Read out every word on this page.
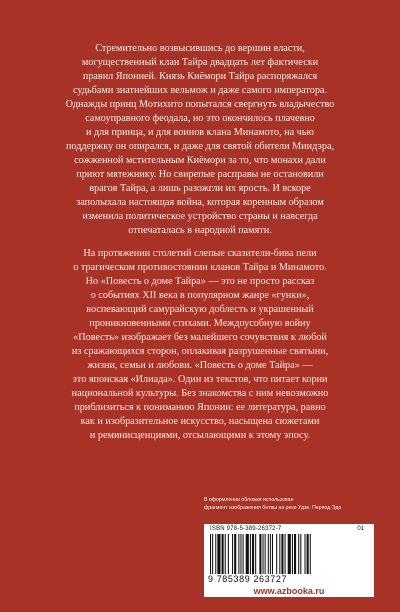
Стремительно возвысившись до вершин власти,

могущественный клан Тайра двадцать лет фактически

правил Японией. Князь Киёмори Тайра распоряжался

судьбами знатнейших вельмож и даже самого императора.

Однажды принц Мотихито попытался свергнуть владычество

самоуправного феодала, но это окончилось плачевно

и для принца, и для воинов клана Минамото, на чью

поддержку он опирался, и даже для святой обители Миидэра,

сожженной мстительным Киёмори за то, что монахи дали

приют мятежнику. Но свирепые расправы не остановили

врагов Тайра, а лишь разожгли их ярость. И вскоре

заполыхала настоящая война, которая коренным образом

изменила политическое устройство страны и навсегда

отпечаталась в народной памяти.

На протяжении столетий слепые сказители-бива пели

о трагическом противостоянии кланов Тайра и Минамото.

Но «Повесть о доме Тайра» — это не просто рассказ

о событиях XII века в популярном жанре «гунки»,

воспевающий самурайскую доблесть и украшенный

проникновенными стихами. Междоусобную войну

«Повесть» изображает без малейшего сочувствия к любой

из сражающихся сторон, оплакивая разрушенные святыни,

жизни, семьи и любови. «Повесть о доме Тайра» —

это японская «Илиада». Один из текстов, что питает корни

национальной культуры. Без знакомства с ним невозможно

приблизиться к пониманию Японии: ее литература, равно

как и изобразительное искусство, насыщена сюжетами

и реминисценциями, отсылающими к этому эпосу.

В оформлении обложки использован
фрагмент изображения битвы на реке Удзи. Период Эдо
ISBN 978-5-389-26372-7	01
9 785389 263727
www.azbooka.ru
